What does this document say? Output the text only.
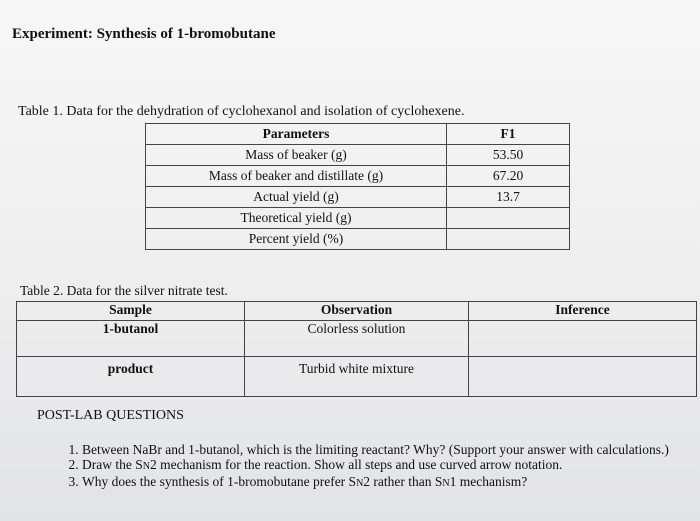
Experiment: Synthesis of 1-bromobutane
Table 1. Data for the dehydration of cyclohexanol and isolation of cyclohexene.
Parameters	F1
Mass of beaker (g)	53.50
Mass of beaker and distillate (g)	67.20
Actual yield (g)	13.7
Theoretical yield (g)	
Percent yield (%)	
Table 2. Data for the silver nitrate test.
Sample	Observation	Inference
1-butanol	Colorless solution	
product	Turbid white mixture	
POST-LAB QUESTIONS
1. Between NaBr and 1-butanol, which is the limiting reactant? Why? (Support your answer with calculations.)
2. Draw the SN2 mechanism for the reaction. Show all steps and use curved arrow notation.
3. Why does the synthesis of 1-bromobutane prefer SN2 rather than SN1 mechanism?
